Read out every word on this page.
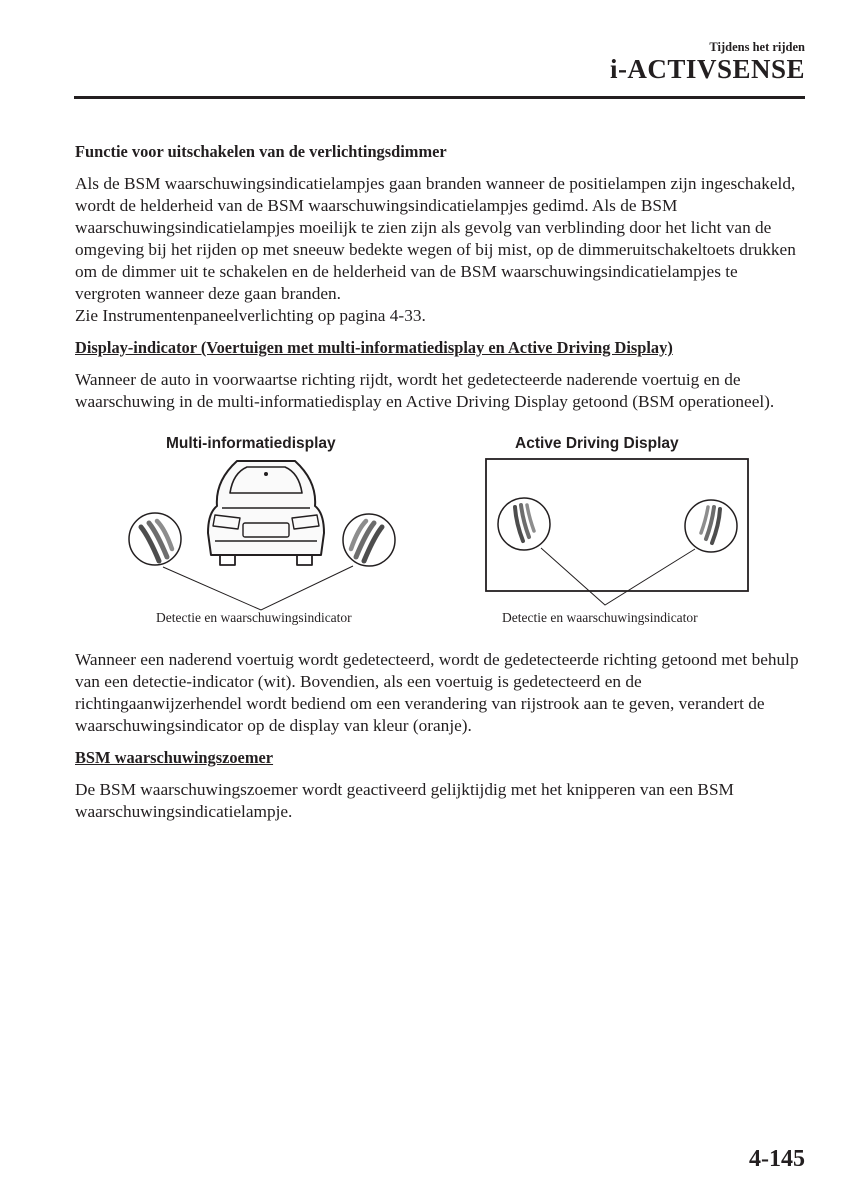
Tijdens het rijden
i-ACTIVSENSE
Functie voor uitschakelen van de verlichtingsdimmer

Als de BSM waarschuwingsindicatielampjes gaan branden wanneer de positielampen zijn ingeschakeld, wordt de helderheid van de BSM waarschuwingsindicatielampjes gedimd. Als de BSM waarschuwingsindicatielampjes moeilijk te zien zijn als gevolg van verblinding door het licht van de omgeving bij het rijden op met sneeuw bedekte wegen of bij mist, op de dimmeruitschakeltoets drukken om de dimmer uit te schakelen en de helderheid van de BSM waarschuwingsindicatielampjes te vergroten wanneer deze gaan branden.

Zie Instrumentenpaneelverlichting op pagina 4-33.

Display-indicator (Voertuigen met multi-informatiedisplay en Active Driving Display)

Wanneer de auto in voorwaartse richting rijdt, wordt het gedetecteerde naderende voertuig en de waarschuwing in de multi-informatiedisplay en Active Driving Display getoond (BSM operationeel).

Multi-informatiedisplay	Active Driving Display
Detectie en waarschuwingsindicator	Detectie en waarschuwingsindicator

Wanneer een naderend voertuig wordt gedetecteerd, wordt de gedetecteerde richting getoond met behulp van een detectie-indicator (wit). Bovendien, als een voertuig is gedetecteerd en de richtingaanwijzerhendel wordt bediend om een verandering van rijstrook aan te geven, verandert de waarschuwingsindicator op de display van kleur (oranje).

BSM waarschuwingszoemer

De BSM waarschuwingszoemer wordt geactiveerd gelijktijdig met het knipperen van een BSM waarschuwingsindicatielampje.

4-145
